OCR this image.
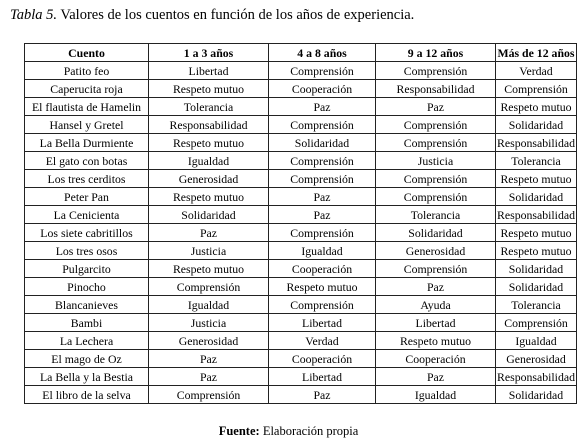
Tabla 5. Valores de los cuentos en función de los años de experiencia.
Cuento	1 a 3 años	4 a 8 años	9 a 12 años	Más de 12 años
Patito feo	Libertad	Comprensión	Comprensión	Verdad
Caperucita roja	Respeto mutuo	Cooperación	Responsabilidad	Comprensión
El flautista de Hamelin	Tolerancia	Paz	Paz	Respeto mutuo
Hansel y Gretel	Responsabilidad	Comprensión	Comprensión	Solidaridad
La Bella Durmiente	Respeto mutuo	Solidaridad	Comprensión	Responsabilidad
El gato con botas	Igualdad	Comprensión	Justicia	Tolerancia
Los tres cerditos	Generosidad	Comprensión	Comprensión	Respeto mutuo
Peter Pan	Respeto mutuo	Paz	Comprensión	Solidaridad
La Cenicienta	Solidaridad	Paz	Tolerancia	Responsabilidad
Los siete cabritillos	Paz	Comprensión	Solidaridad	Respeto mutuo
Los tres osos	Justicia	Igualdad	Generosidad	Respeto mutuo
Pulgarcito	Respeto mutuo	Cooperación	Comprensión	Solidaridad
Pinocho	Comprensión	Respeto mutuo	Paz	Solidaridad
Blancanieves	Igualdad	Comprensión	Ayuda	Tolerancia
Bambi	Justicia	Libertad	Libertad	Comprensión
La Lechera	Generosidad	Verdad	Respeto mutuo	Igualdad
El mago de Oz	Paz	Cooperación	Cooperación	Generosidad
La Bella y la Bestia	Paz	Libertad	Paz	Responsabilidad
El libro de la selva	Comprensión	Paz	Igualdad	Solidaridad
Fuente: Elaboración propia
